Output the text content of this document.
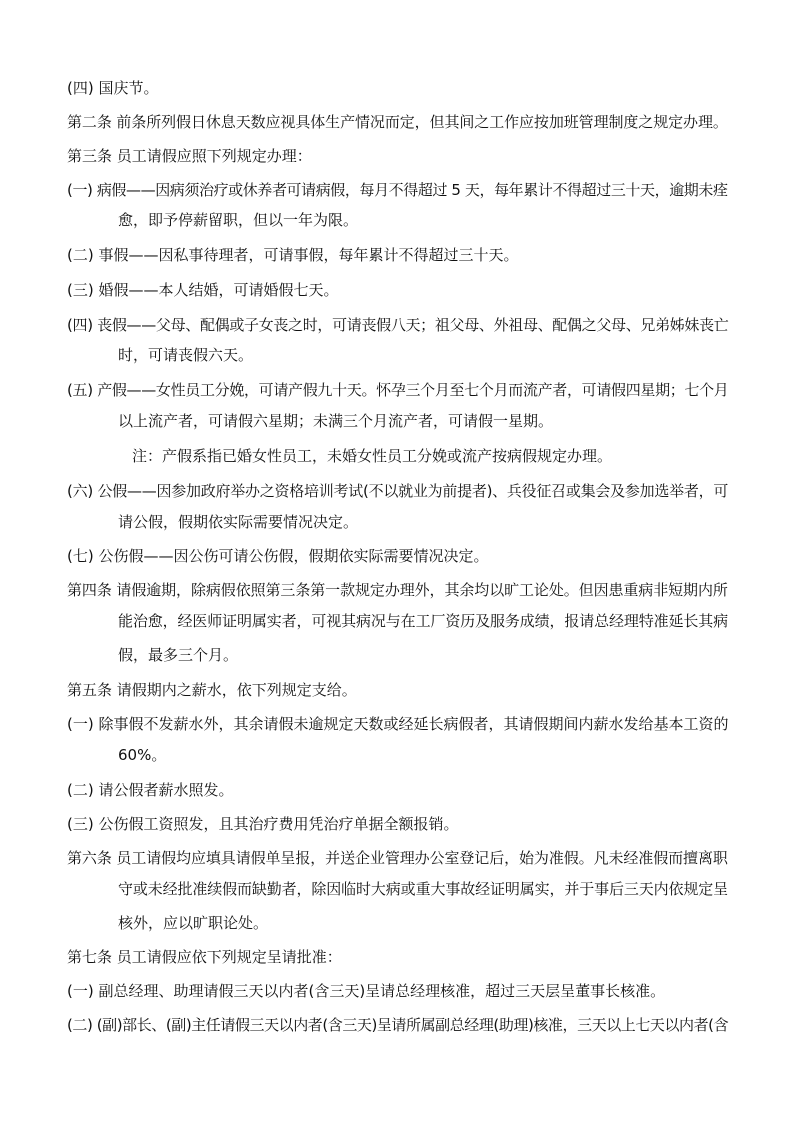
(四) 国庆节。
第二条 前条所列假日休息天数应视具体生产情况而定，但其间之工作应按加班管理制度之规定办理。
第三条 员工请假应照下列规定办理：
(一) 病假——因病须治疗或休养者可请病假，每月不得超过 5 天，每年累计不得超过三十天，逾期未痊
愈，即予停薪留职，但以一年为限。
(二) 事假——因私事待理者，可请事假，每年累计不得超过三十天。
(三) 婚假——本人结婚，可请婚假七天。
(四) 丧假——父母、配偶或子女丧之时，可请丧假八天；祖父母、外祖母、配偶之父母、兄弟姊妹丧亡
时，可请丧假六天。
(五) 产假——女性员工分娩，可请产假九十天。怀孕三个月至七个月而流产者，可请假四星期；七个月
以上流产者，可请假六星期；未满三个月流产者，可请假一星期。
注：产假系指已婚女性员工，未婚女性员工分娩或流产按病假规定办理。
(六) 公假——因参加政府举办之资格培训考试(不以就业为前提者)、兵役征召或集会及参加选举者，可
请公假，假期依实际需要情况决定。
(七) 公伤假——因公伤可请公伤假，假期依实际需要情况决定。
第四条 请假逾期，除病假依照第三条第一款规定办理外，其余均以旷工论处。但因患重病非短期内所
能治愈，经医师证明属实者，可视其病况与在工厂资历及服务成绩，报请总经理特准延长其病
假，最多三个月。
第五条 请假期内之薪水，依下列规定支给。
(一) 除事假不发薪水外，其余请假未逾规定天数或经延长病假者，其请假期间内薪水发给基本工资的
60%。
(二) 请公假者薪水照发。
(三) 公伤假工资照发，且其治疗费用凭治疗单据全额报销。
第六条 员工请假均应填具请假单呈报，并送企业管理办公室登记后，始为准假。凡未经准假而擅离职
守或未经批准续假而缺勤者，除因临时大病或重大事故经证明属实，并于事后三天内依规定呈
核外，应以旷职论处。
第七条 员工请假应依下列规定呈请批准：
(一) 副总经理、助理请假三天以内者(含三天)呈请总经理核准，超过三天层呈董事长核准。
(二) (副)部长、(副)主任请假三天以内者(含三天)呈请所属副总经理(助理)核准，三天以上七天以内者(含
